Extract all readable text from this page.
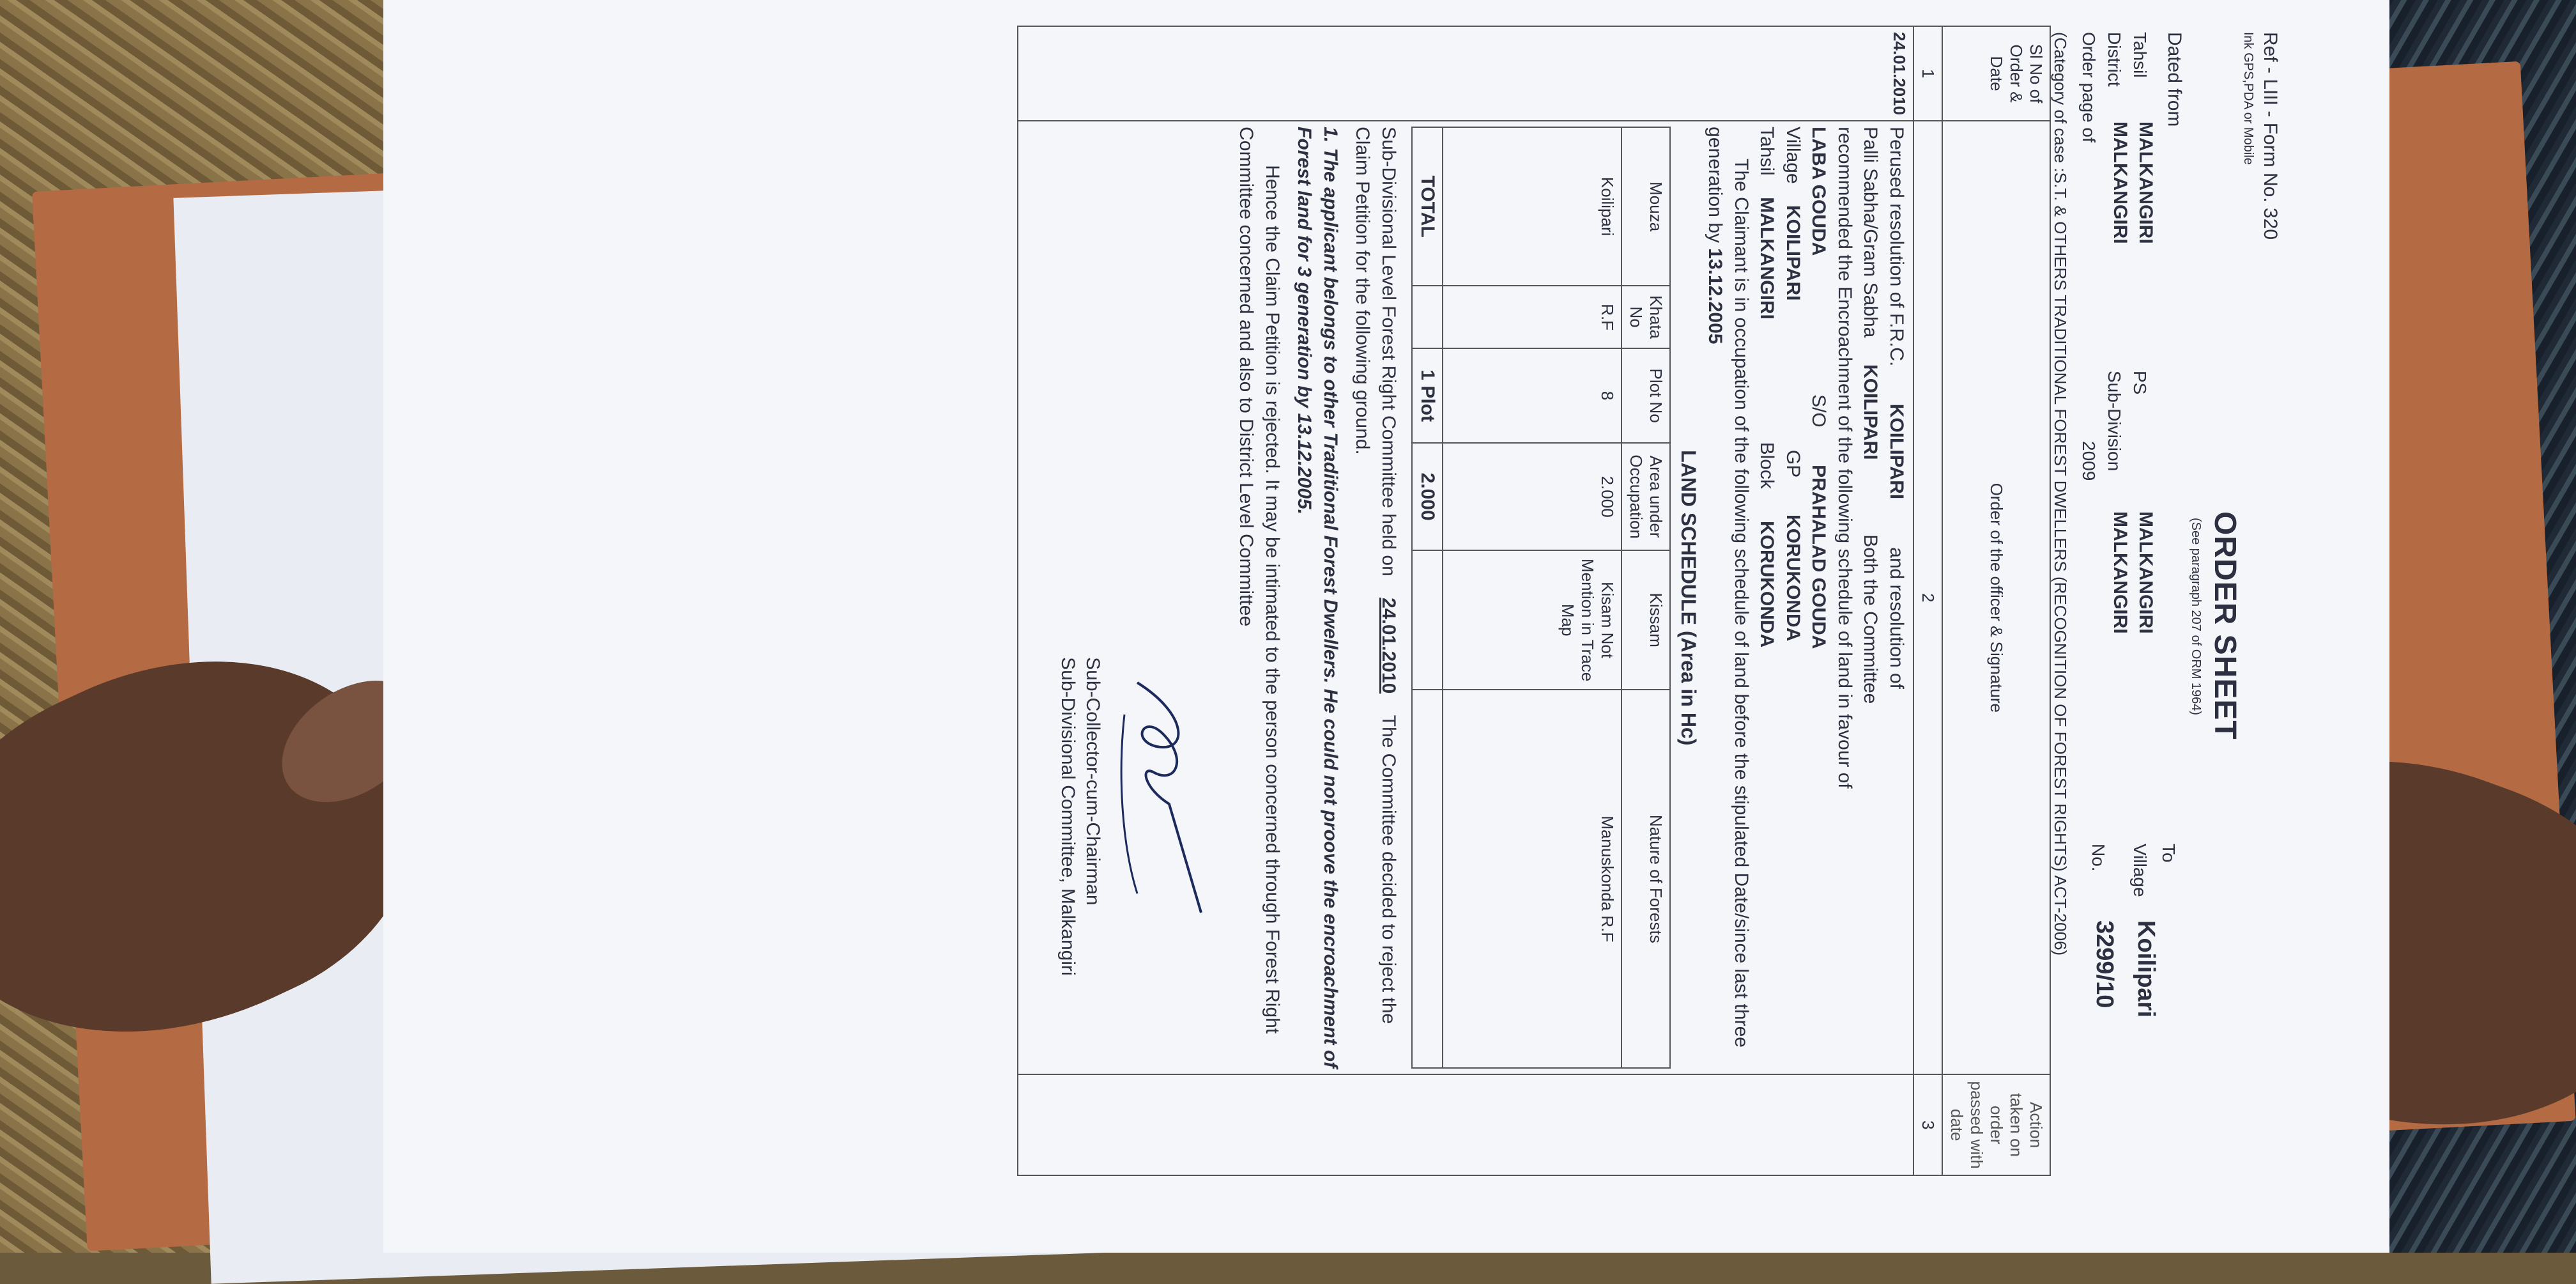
Ref - LIII - Form No. 320
Ink GPS,PDA or Mobile
Dated from
Tahsil
MALKANGIRI
District
MALKANGIRI
Order page of
PS
MALKANGIRI
Sub-Division
MALKANGIRI
2009
ORDER SHEET
(See paragraph 207 of ORM 1964)
To
Village
Koilipari
No.
3299/10
(Category of case :S.T. & OTHERS TRADITIONAL FOREST DWELLERS (RECOGNITION OF FOREST RIGHTS) ACT-2006)
Sl No of Order & Date	Order of the officer & Signature	Action taken on order passed with date
1	2	3
24.01.2010	
Perused resolution of F.R.C.       KOILIPARI         and resolution of
Palli Sabha/Gram Sabha     KOILIPARI              Both the Committee
recommended the Encroachment of the following schedule of land in favour of
LABA GOUDA                          S/O       PRAHALAD GOUDA
Village    KOILIPARI                            GP       KORUKONDA
Tahsil    MALKANGIRI                       Block      KORUKONDA
The Claimant is in occupation of the following schedule of land before the stipulated Date/since last three generation by 13.12.2005
LAND SCHEDULE (Area in Hc)
Mouza	Khata No	Plot No	Area under Occupation	Kissam	Nature of Forests
Koilipari	R.F	8	2.000	Kisam Not Mention in Trace Map	Manuskonda R.F
TOTAL		1 Plot	2.000		
Sub-Divisional Level Forest Right Committee held on    24.01.2010    The Committee decided to reject the Claim Petition for the following ground.
1. The applicant belongs to other Traditional Forest Dwellers. He could not proove the encroachment of Forest land for 3 generation by 13.12.2005.
Hence the Claim Petition is rejected. It may be intimated to the person concerned through Forest Right Committee concerned and also to District Level Committee
Sub-Collector-cum-Chairman
Sub-Divisional Committee, Malkangiri
